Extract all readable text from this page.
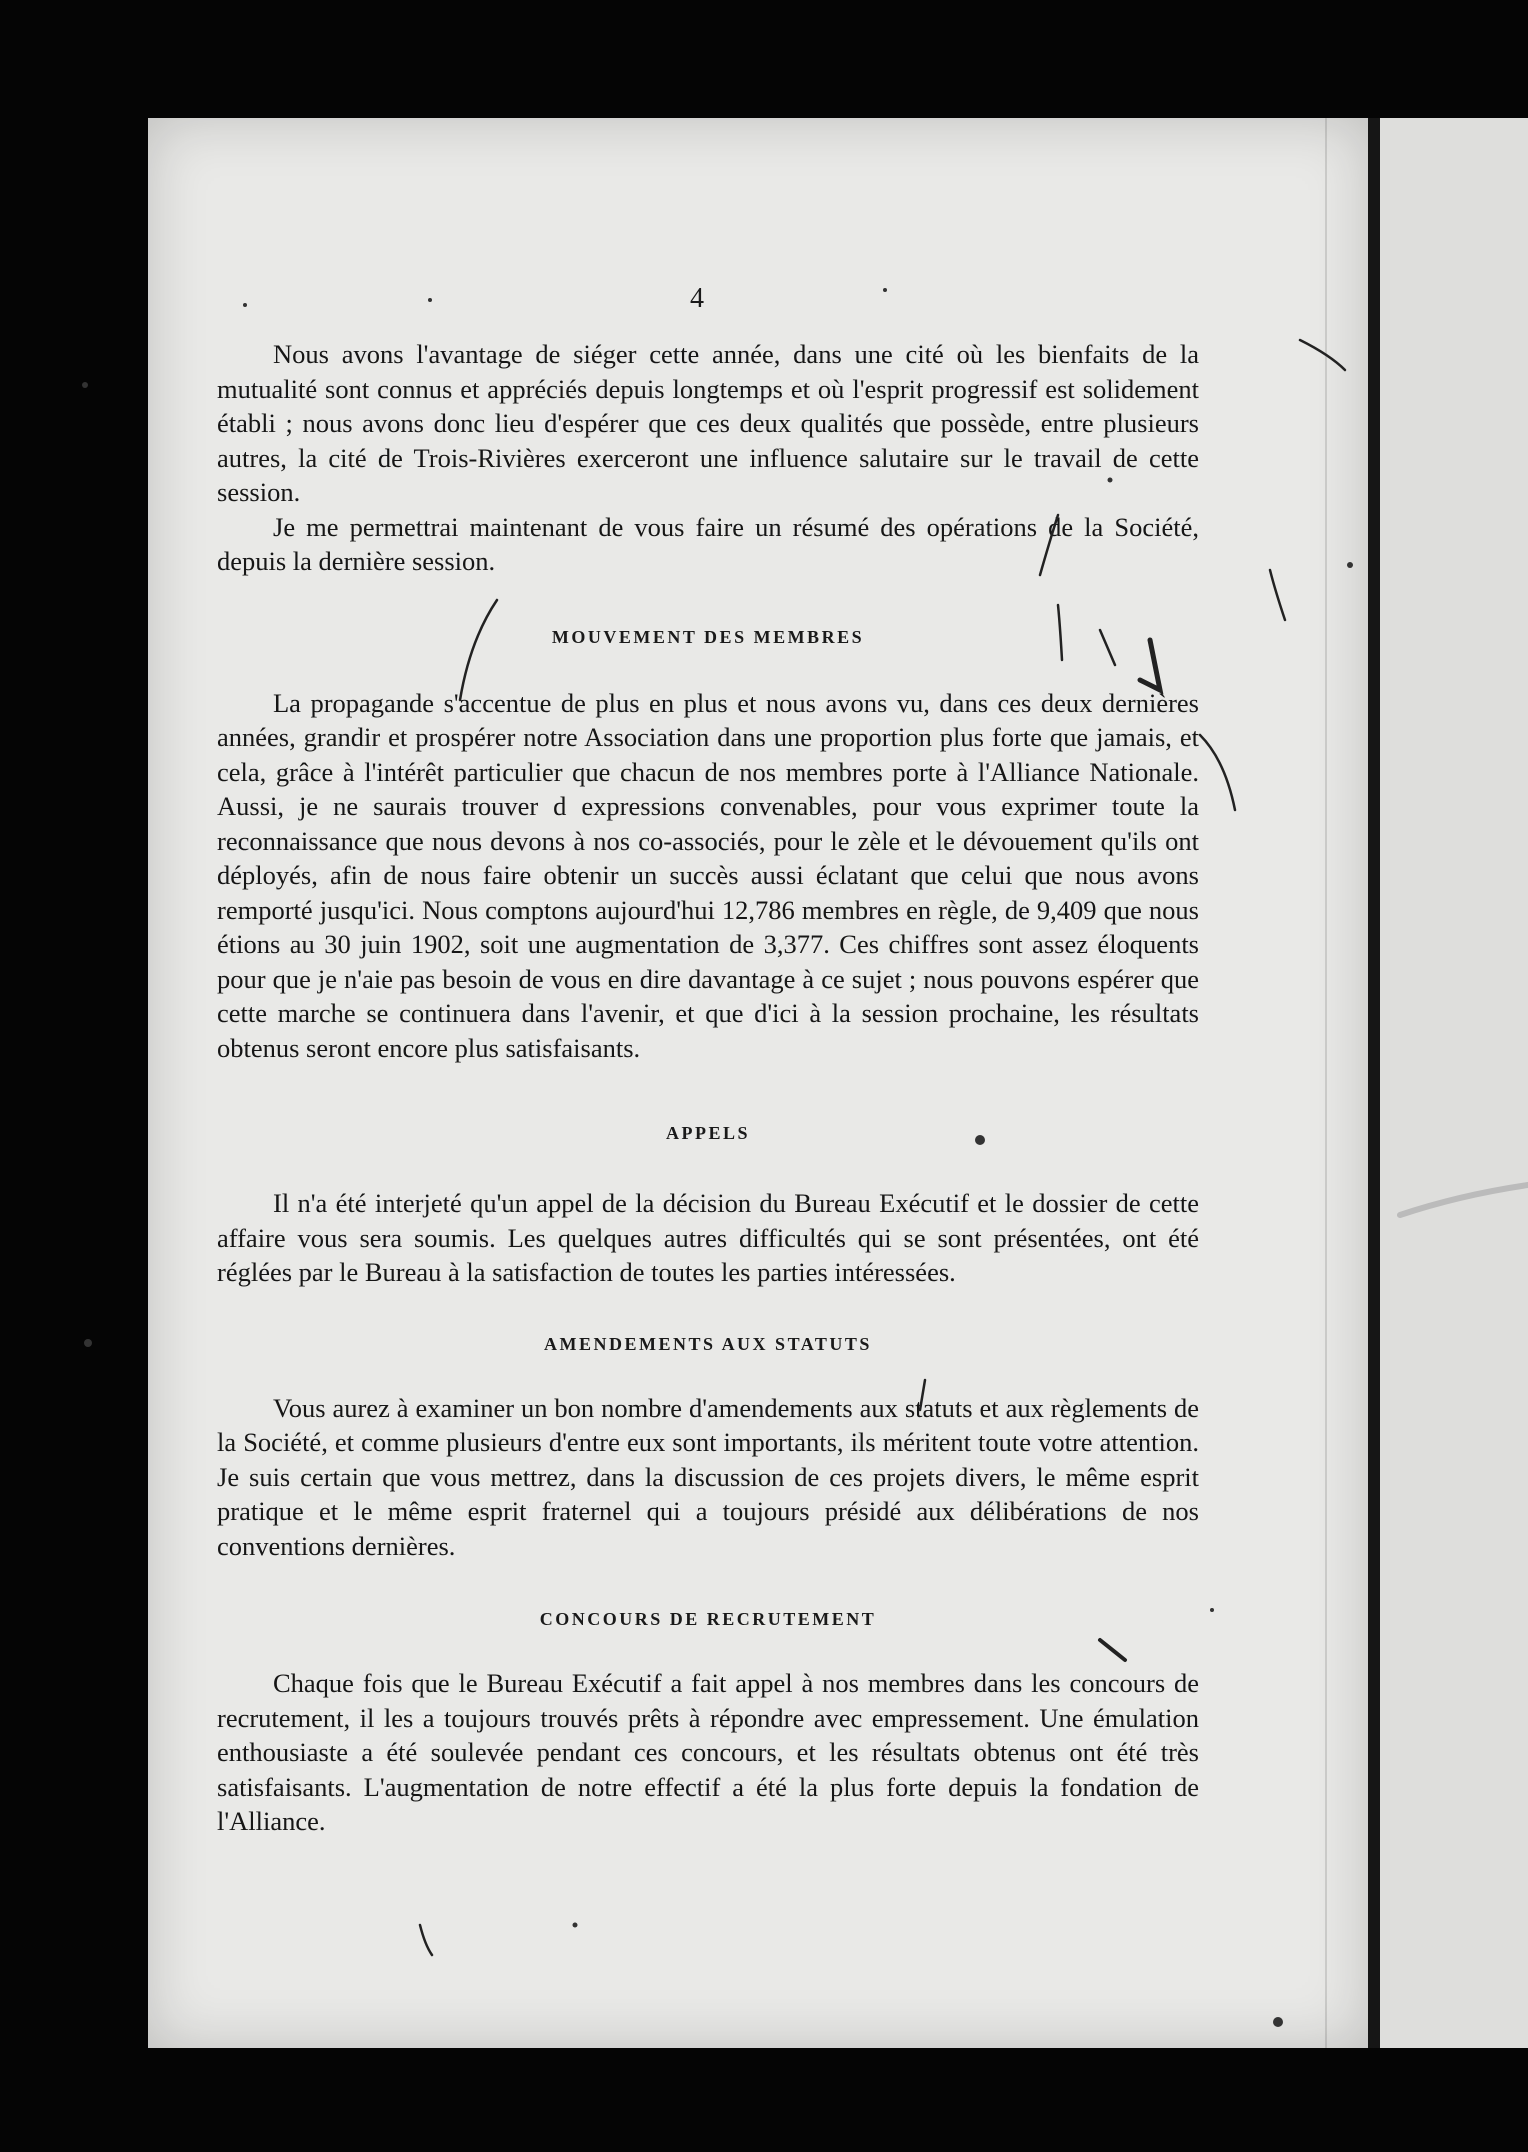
4

Nous avons l'avantage de siéger cette année, dans une cité où les bienfaits de la mutualité sont connus et appréciés depuis longtemps et où l'esprit progressif est solidement établi ; nous avons donc lieu d'espérer que ces deux qualités que possède, entre plusieurs autres, la cité de Trois-Rivières exerceront une influence salutaire sur le travail de cette session.

Je me permettrai maintenant de vous faire un résumé des opérations de la Société, depuis la dernière session.

MOUVEMENT DES MEMBRES

La propagande s'accentue de plus en plus et nous avons vu, dans ces deux dernières années, grandir et prospérer notre Association dans une proportion plus forte que jamais, et cela, grâce à l'intérêt particulier que chacun de nos membres porte à l'Alliance Nationale. Aussi, je ne saurais trouver d expressions convenables, pour vous exprimer toute la reconnaissance que nous devons à nos co-associés, pour le zèle et le dévouement qu'ils ont déployés, afin de nous faire obtenir un succès aussi éclatant que celui que nous avons remporté jusqu'ici. Nous comptons aujourd'hui 12,786 membres en règle, de 9,409 que nous étions au 30 juin 1902, soit une augmentation de 3,377. Ces chiffres sont assez éloquents pour que je n'aie pas besoin de vous en dire davantage à ce sujet ; nous pouvons espérer que cette marche se continuera dans l'avenir, et que d'ici à la session prochaine, les résultats obtenus seront encore plus satisfaisants.

APPELS

Il n'a été interjeté qu'un appel de la décision du Bureau Exécutif et le dossier de cette affaire vous sera soumis. Les quelques autres difficultés qui se sont présentées, ont été réglées par le Bureau à la satisfaction de toutes les parties intéressées.

AMENDEMENTS AUX STATUTS

Vous aurez à examiner un bon nombre d'amendements aux statuts et aux règlements de la Société, et comme plusieurs d'entre eux sont importants, ils méritent toute votre attention. Je suis certain que vous mettrez, dans la discussion de ces projets divers, le même esprit pratique et le même esprit fraternel qui a toujours présidé aux délibérations de nos conventions dernières.

CONCOURS DE RECRUTEMENT

Chaque fois que le Bureau Exécutif a fait appel à nos membres dans les concours de recrutement, il les a toujours trouvés prêts à répondre avec empressement. Une émulation enthousiaste a été soulevée pendant ces concours, et les résultats obtenus ont été très satisfaisants. L'augmentation de notre effectif a été la plus forte depuis la fondation de l'Alliance.
